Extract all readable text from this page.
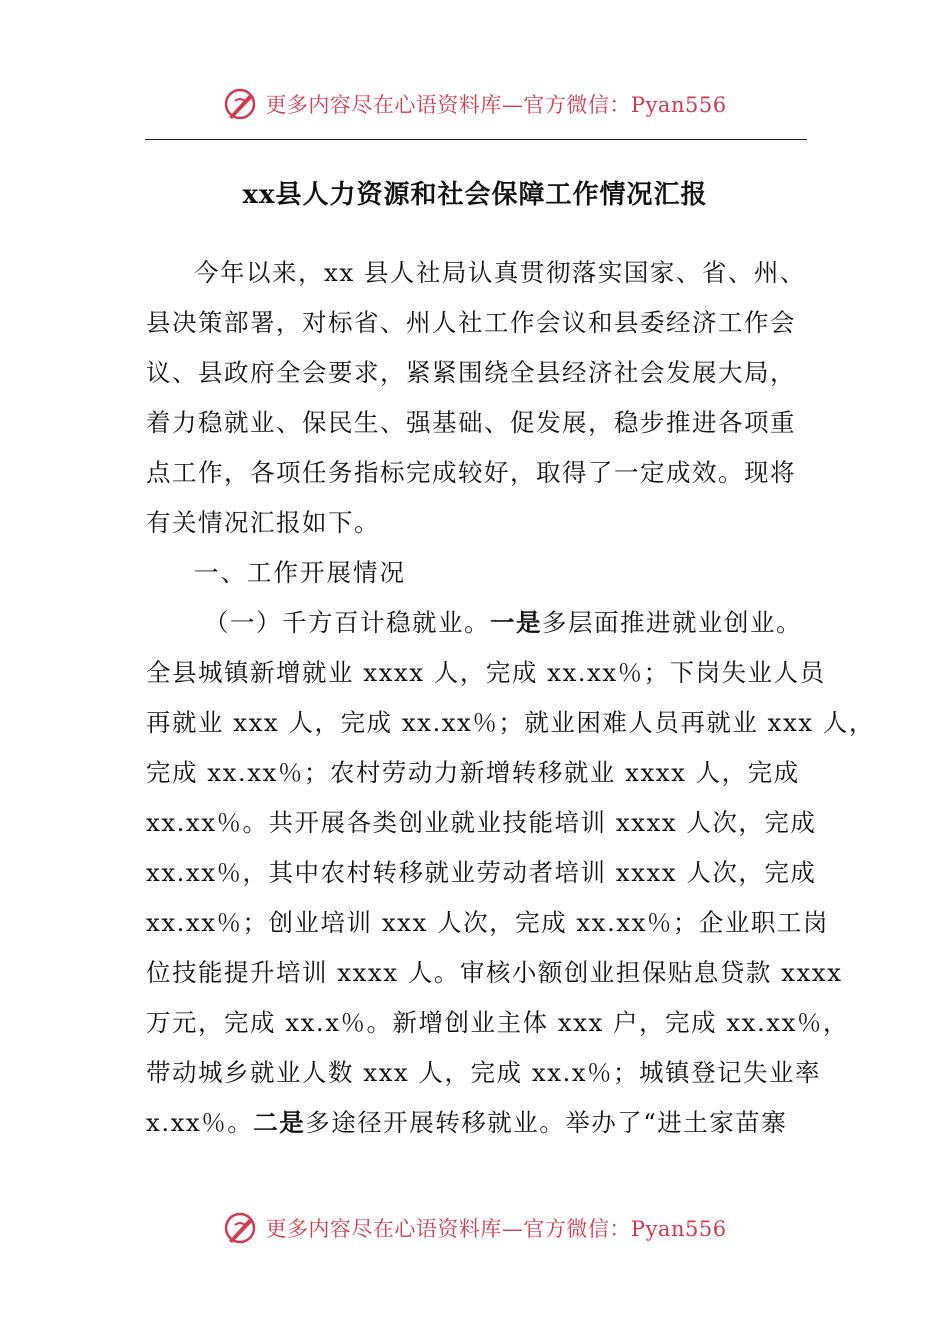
更多内容尽在心语资料库—官方微信：Pyan556
xx县人力资源和社会保障工作情况汇报
今年以来，xx 县人社局认真贯彻落实国家、省、州、
县决策部署，对标省、州人社工作会议和县委经济工作会
议、县政府全会要求，紧紧围绕全县经济社会发展大局，
着力稳就业、保民生、强基础、促发展，稳步推进各项重
点工作，各项任务指标完成较好，取得了一定成效。现将
有关情况汇报如下。
一、工作开展情况
（一）千方百计稳就业。一是多层面推进就业创业。
全县城镇新增就业 xxxx 人，完成 xx.xx％；下岗失业人员
再就业 xxx 人，完成 xx.xx％；就业困难人员再就业 xxx 人，
完成 xx.xx％；农村劳动力新增转移就业 xxxx 人，完成
xx.xx％。共开展各类创业就业技能培训 xxxx 人次，完成
xx.xx％，其中农村转移就业劳动者培训 xxxx 人次，完成
xx.xx％；创业培训 xxx 人次，完成 xx.xx％；企业职工岗
位技能提升培训 xxxx 人。审核小额创业担保贴息贷款 xxxx
万元，完成 xx.x％。新增创业主体 xxx 户，完成 xx.xx％，
带动城乡就业人数 xxx 人，完成 xx.x％；城镇登记失业率
x.xx％。二是多途径开展转移就业。举办了“进土家苗寨
更多内容尽在心语资料库—官方微信：Pyan556
